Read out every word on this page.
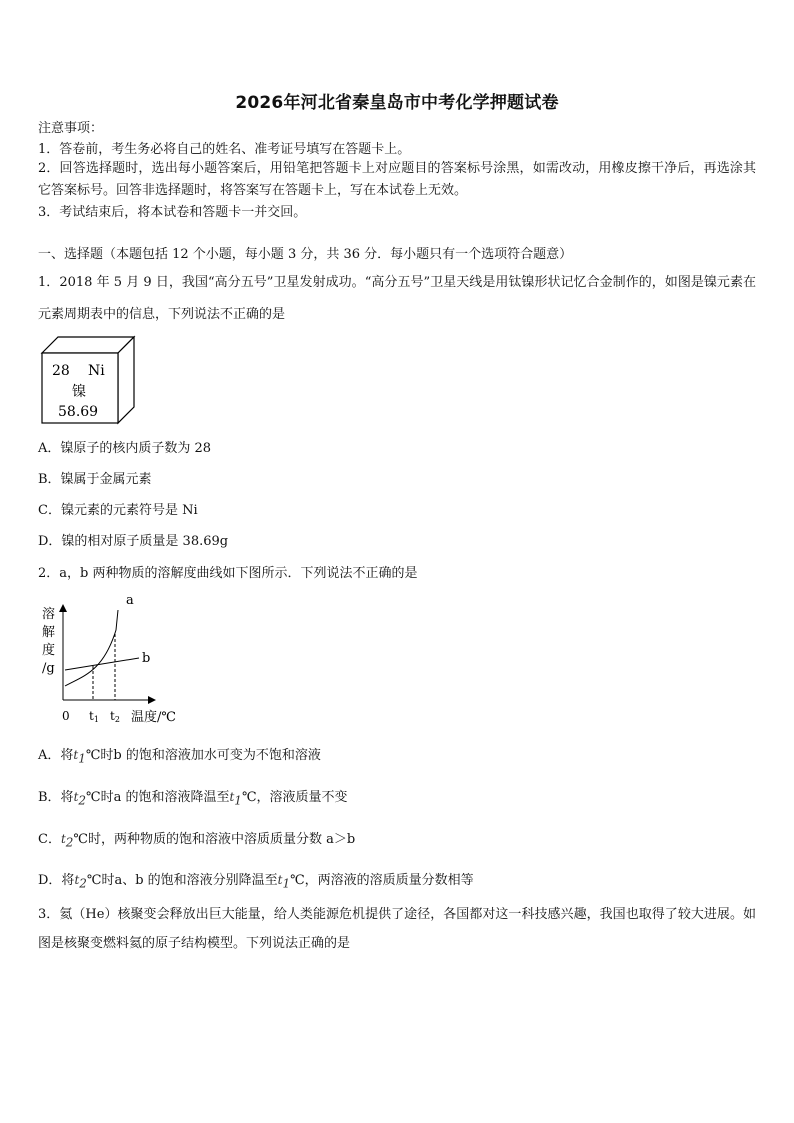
2026年河北省秦皇岛市中考化学押题试卷
注意事项：
1．答卷前，考生务必将自己的姓名、准考证号填写在答题卡上。
2．回答选择题时，选出每小题答案后，用铅笔把答题卡上对应题目的答案标号涂黑，如需改动，用橡皮擦干净后，再选涂其它答案标号。回答非选择题时，将答案写在答题卡上，写在本试卷上无效。
3．考试结束后，将本试卷和答题卡一并交回。
一、选择题（本题包括 12 个小题，每小题 3 分，共 36 分．每小题只有一个选项符合题意）
1．2018 年 5 月 9 日，我国“高分五号”卫星发射成功。“高分五号”卫星天线是用钛镍形状记忆合金制作的，如图是镍元素在元素周期表中的信息，下列说法不正确的是
28 Ni
镍
58.69
A．镍原子的核内质子数为 28
B．镍属于金属元素
C．镍元素的元素符号是 Ni
D．镍的相对原子质量是 38.69g
2．a，b 两种物质的溶解度曲线如下图所示．下列说法不正确的是
溶
解
度
/g
a
b
0 t1 t2 温度/℃
A．将$t_1℃$时b 的饱和溶液加水可变为不饱和溶液
B．将$t_2℃$时a 的饱和溶液降温至$t_1℃$，溶液质量不变
C．$t_2℃$时，两种物质的饱和溶液中溶质质量分数 a＞b
D．将$t_2℃$时a、b 的饱和溶液分别降温至$t_1℃$，两溶液的溶质质量分数相等
3．氦（He）核聚变会释放出巨大能量，给人类能源危机提供了途径，各国都对这一科技感兴趣，我国也取得了较大进展。如图是核聚变燃料氦的原子结构模型。下列说法正确的是
